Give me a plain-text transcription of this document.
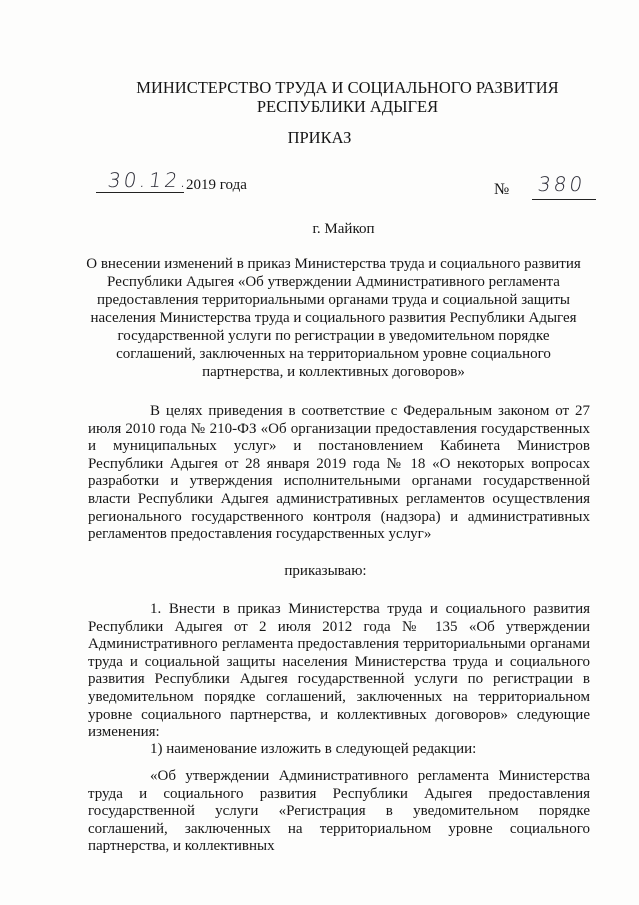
МИНИСТЕРСТВО ТРУДА И СОЦИАЛЬНОГО РАЗВИТИЯ
РЕСПУБЛИКИ АДЫГЕЯ
ПРИКАЗ
30.12.
2019 года	№ 380
г. Майкоп
О внесении изменений в приказ Министерства труда и социального развития
Республики Адыгея «Об утверждении Административного регламента
предоставления территориальными органами труда и социальной защиты
населения Министерства труда и социального развития Республики Адыгея
государственной услуги по регистрации в уведомительном порядке
соглашений, заключенных на территориальном уровне социального
партнерства, и коллективных договоров»
В целях приведения в соответствие с Федеральным законом от 27 июля 2010 года № 210-ФЗ «Об организации предоставления государственных и муниципальных услуг» и постановлением Кабинета Министров Республики Адыгея от 28 января 2019 года № 18 «О некоторых вопросах разработки и утверждения исполнительными органами государственной власти Республики Адыгея административных регламентов осуществления регионального государственного контроля (надзора) и административных регламентов предоставления государственных услуг»
приказываю:
1. Внести в приказ Министерства труда и социального развития Республики Адыгея от 2 июля 2012 года № 135 «Об утверждении Административного регламента предоставления территориальными органами труда и социальной защиты населения Министерства труда и социального развития Республики Адыгея государственной услуги по регистрации в уведомительном порядке соглашений, заключенных на территориальном уровне социального партнерства, и коллективных договоров» следующие изменения:
1) наименование изложить в следующей редакции:
«Об утверждении Административного регламента Министерства труда и социального развития Республики Адыгея предоставления государственной услуги «Регистрация в уведомительном порядке соглашений, заключенных на территориальном уровне социального партнерства, и коллективных
